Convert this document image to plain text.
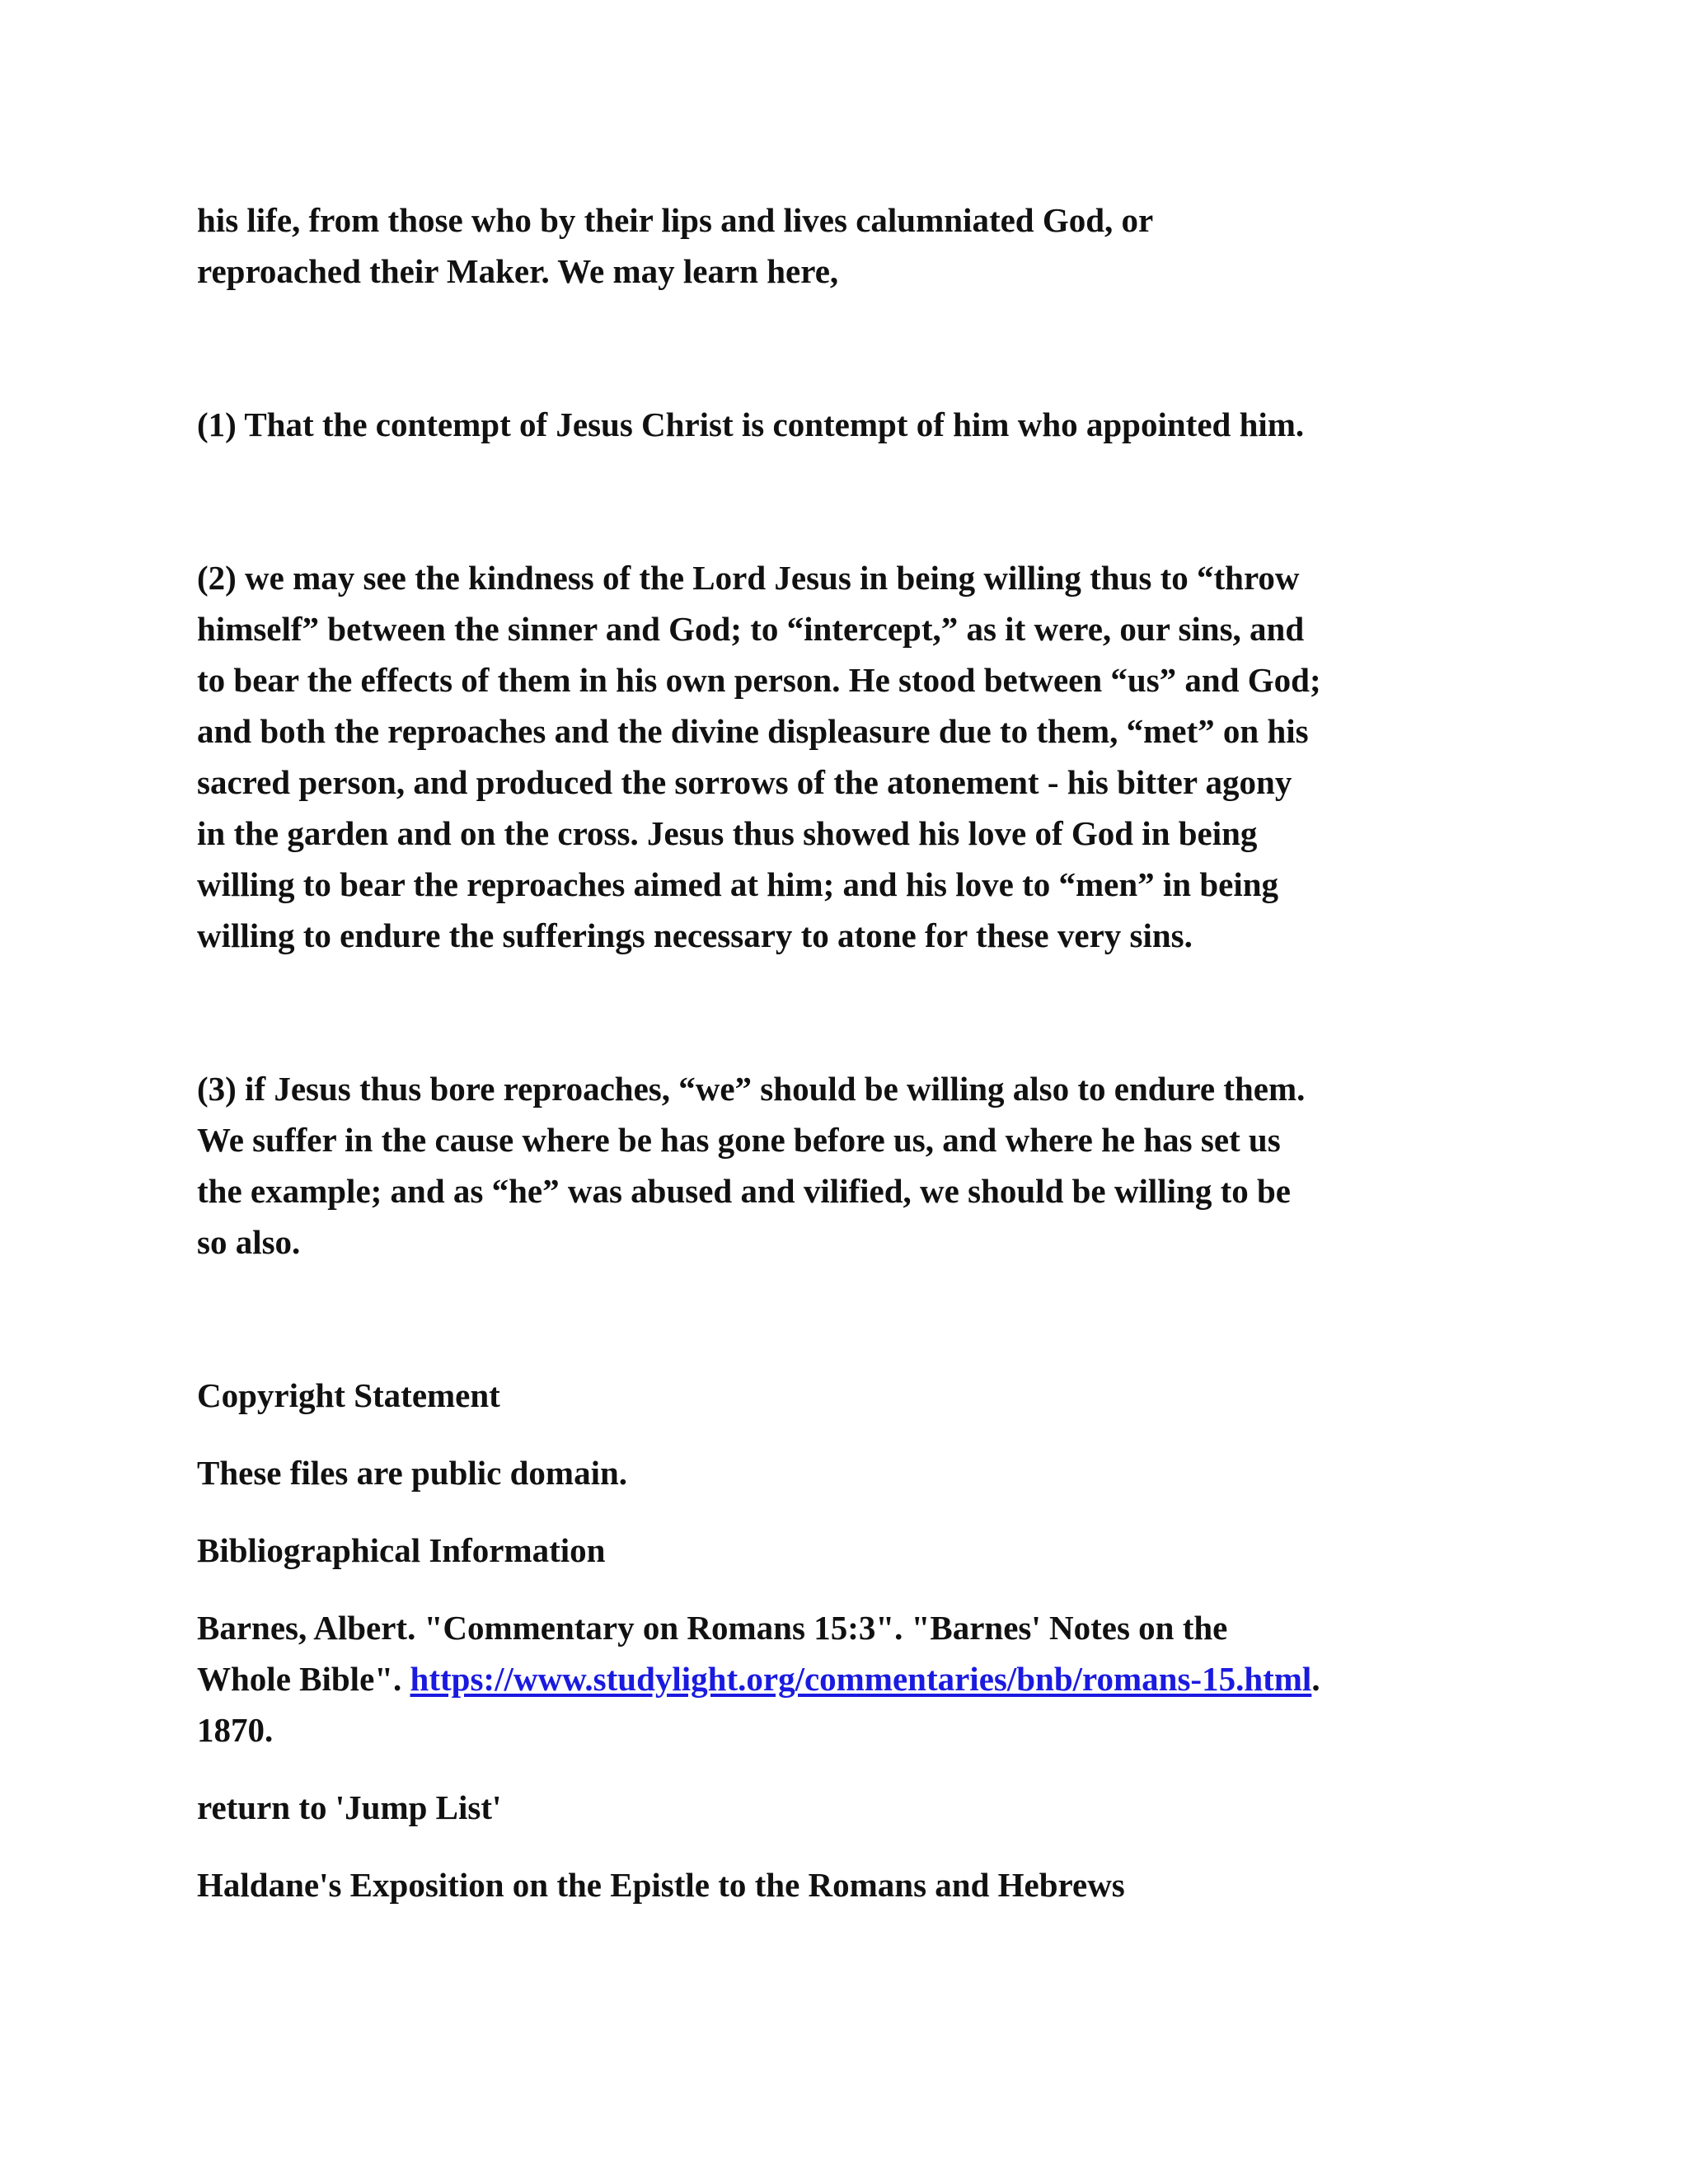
his life, from those who by their lips and lives calumniated God, or
reproached their Maker. We may learn here,

(1) That the contempt of Jesus Christ is contempt of him who appointed him.

(2) we may see the kindness of the Lord Jesus in being willing thus to “throw
himself” between the sinner and God; to “intercept,” as it were, our sins, and
to bear the effects of them in his own person. He stood between “us” and God;
and both the reproaches and the divine displeasure due to them, “met” on his
sacred person, and produced the sorrows of the atonement - his bitter agony
in the garden and on the cross. Jesus thus showed his love of God in being
willing to bear the reproaches aimed at him; and his love to “men” in being
willing to endure the sufferings necessary to atone for these very sins.

(3) if Jesus thus bore reproaches, “we” should be willing also to endure them.
We suffer in the cause where be has gone before us, and where he has set us
the example; and as “he” was abused and vilified, we should be willing to be
so also.

Copyright Statement

These files are public domain.

Bibliographical Information

Barnes, Albert. "Commentary on Romans 15:3". "Barnes' Notes on the
Whole Bible". https://www.studylight.org/commentaries/bnb/romans-15.html.
1870.

return to 'Jump List'

Haldane's Exposition on the Epistle to the Romans and Hebrews
